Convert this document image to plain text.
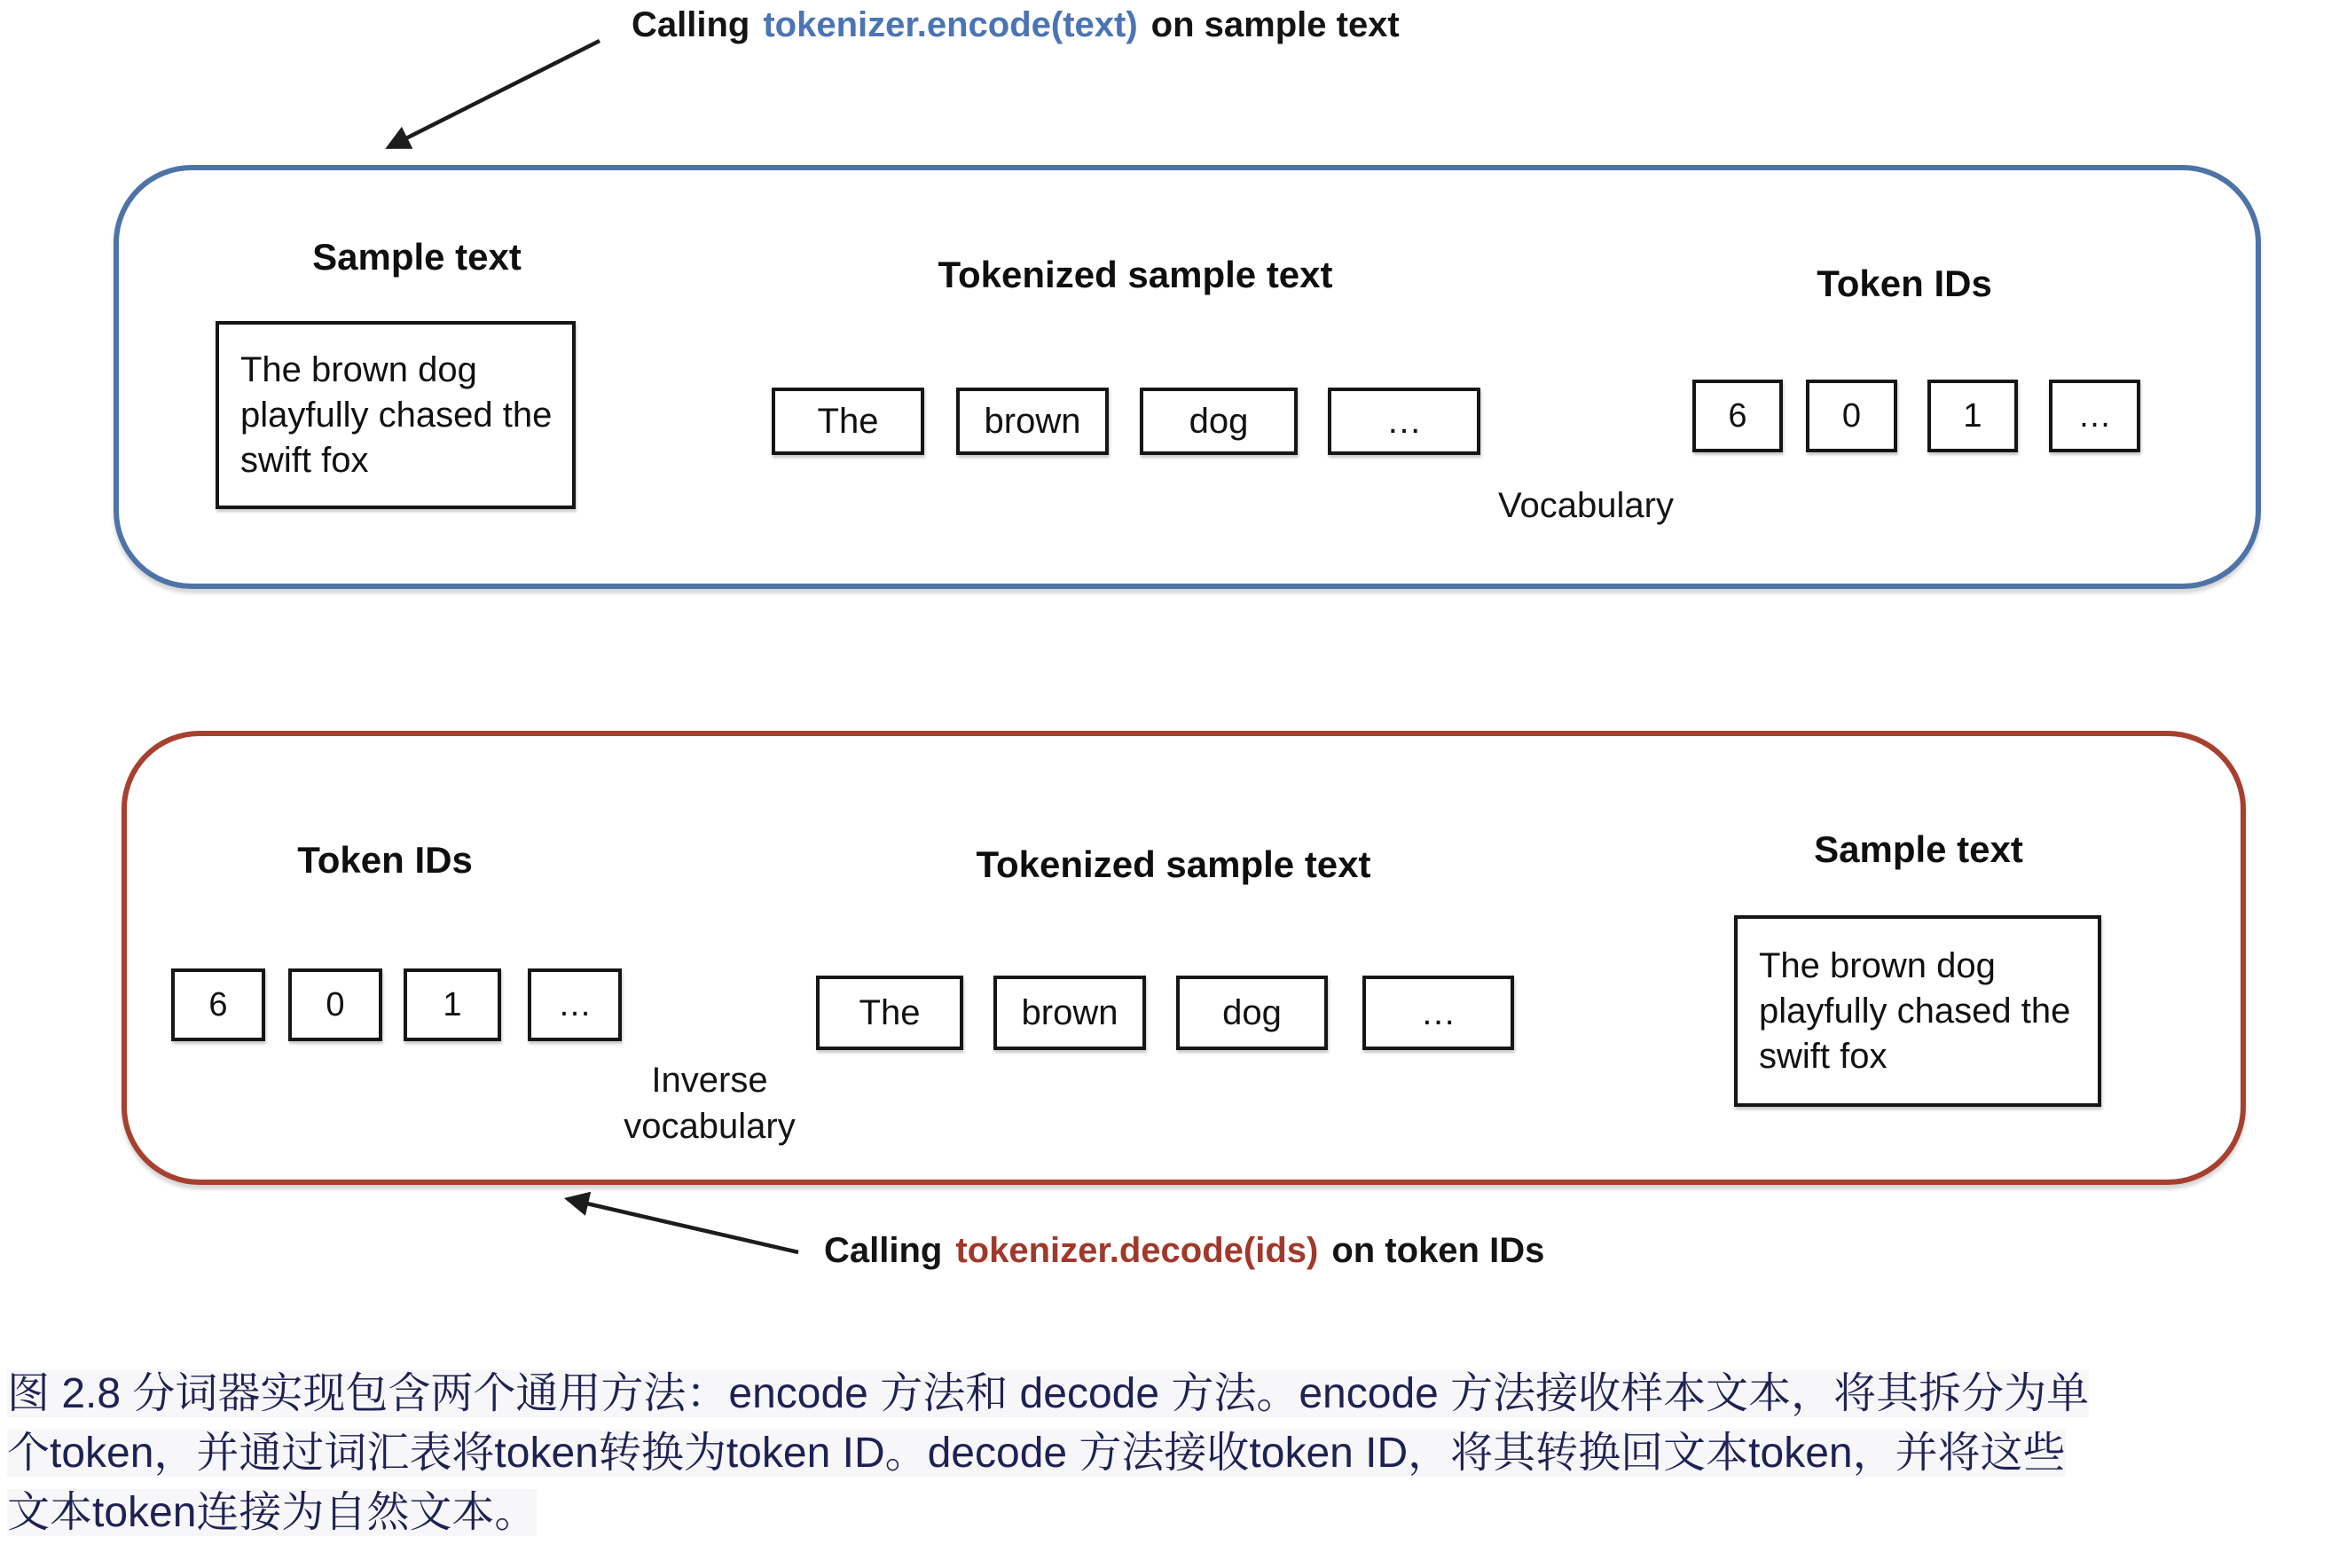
Calling tokenizer.encode(text) on sample text
Sample text
The brown dog playfully chased the swift fox
Tokenized sample text
The	brown	dog	…
Vocabulary
Token IDs
6	0	1	…
Token IDs
6	0	1	…
Inverse
vocabulary
Tokenized sample text
The	brown	dog	…
Sample text
The brown dog playfully chased the swift fox
Calling tokenizer.decode(ids) on token IDs
图 2.8 分词器实现包含两个通用方法：encode 方法和 decode 方法。encode 方法接收样本文本，将其拆分为单
个token，并通过词汇表将token转换为token ID。decode 方法接收token ID，将其转换回文本token，并将这些
文本token连接为自然文本。
